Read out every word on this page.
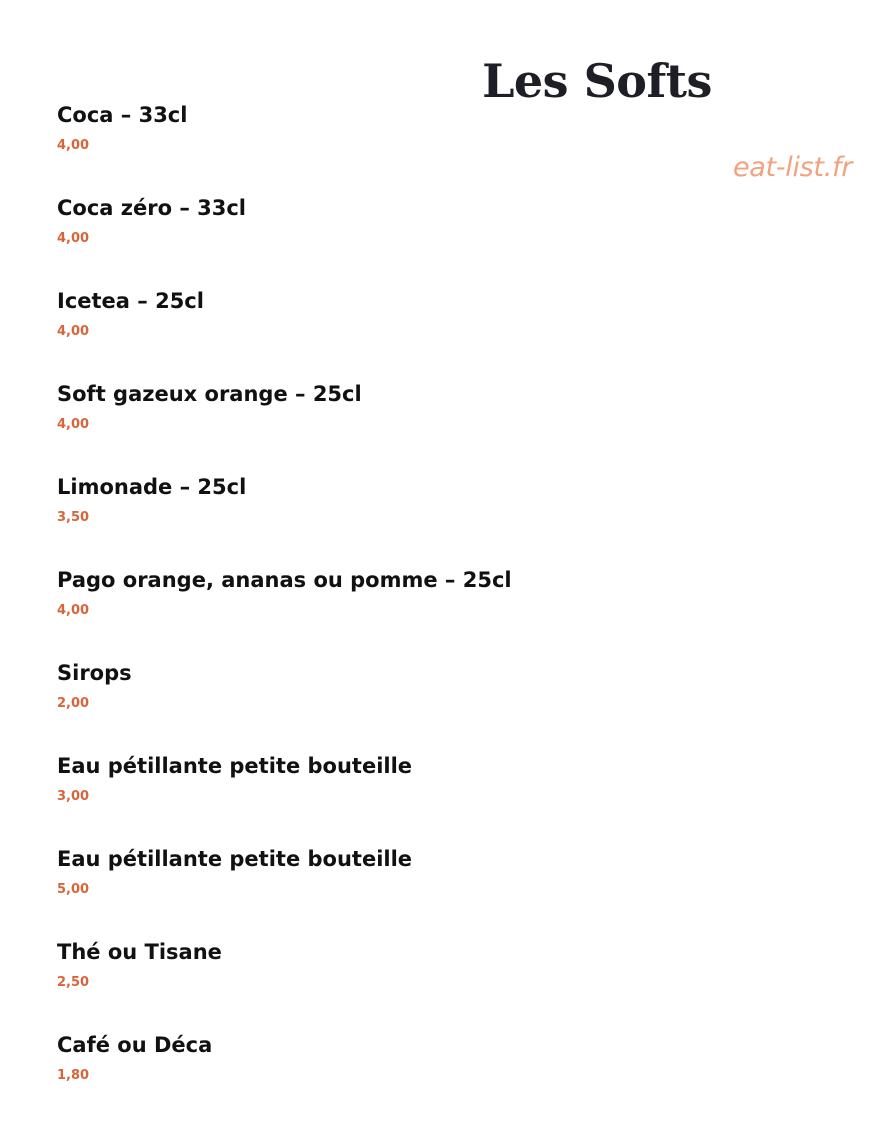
Les Softs
eat-list.fr
Coca – 33cl
4,00
Coca zéro – 33cl
4,00
Icetea – 25cl
4,00
Soft gazeux orange – 25cl
4,00
Limonade – 25cl
3,50
Pago orange, ananas ou pomme – 25cl
4,00
Sirops
2,00
Eau pétillante petite bouteille
3,00
Eau pétillante petite bouteille
5,00
Thé ou Tisane
2,50
Café ou Déca
1,80
